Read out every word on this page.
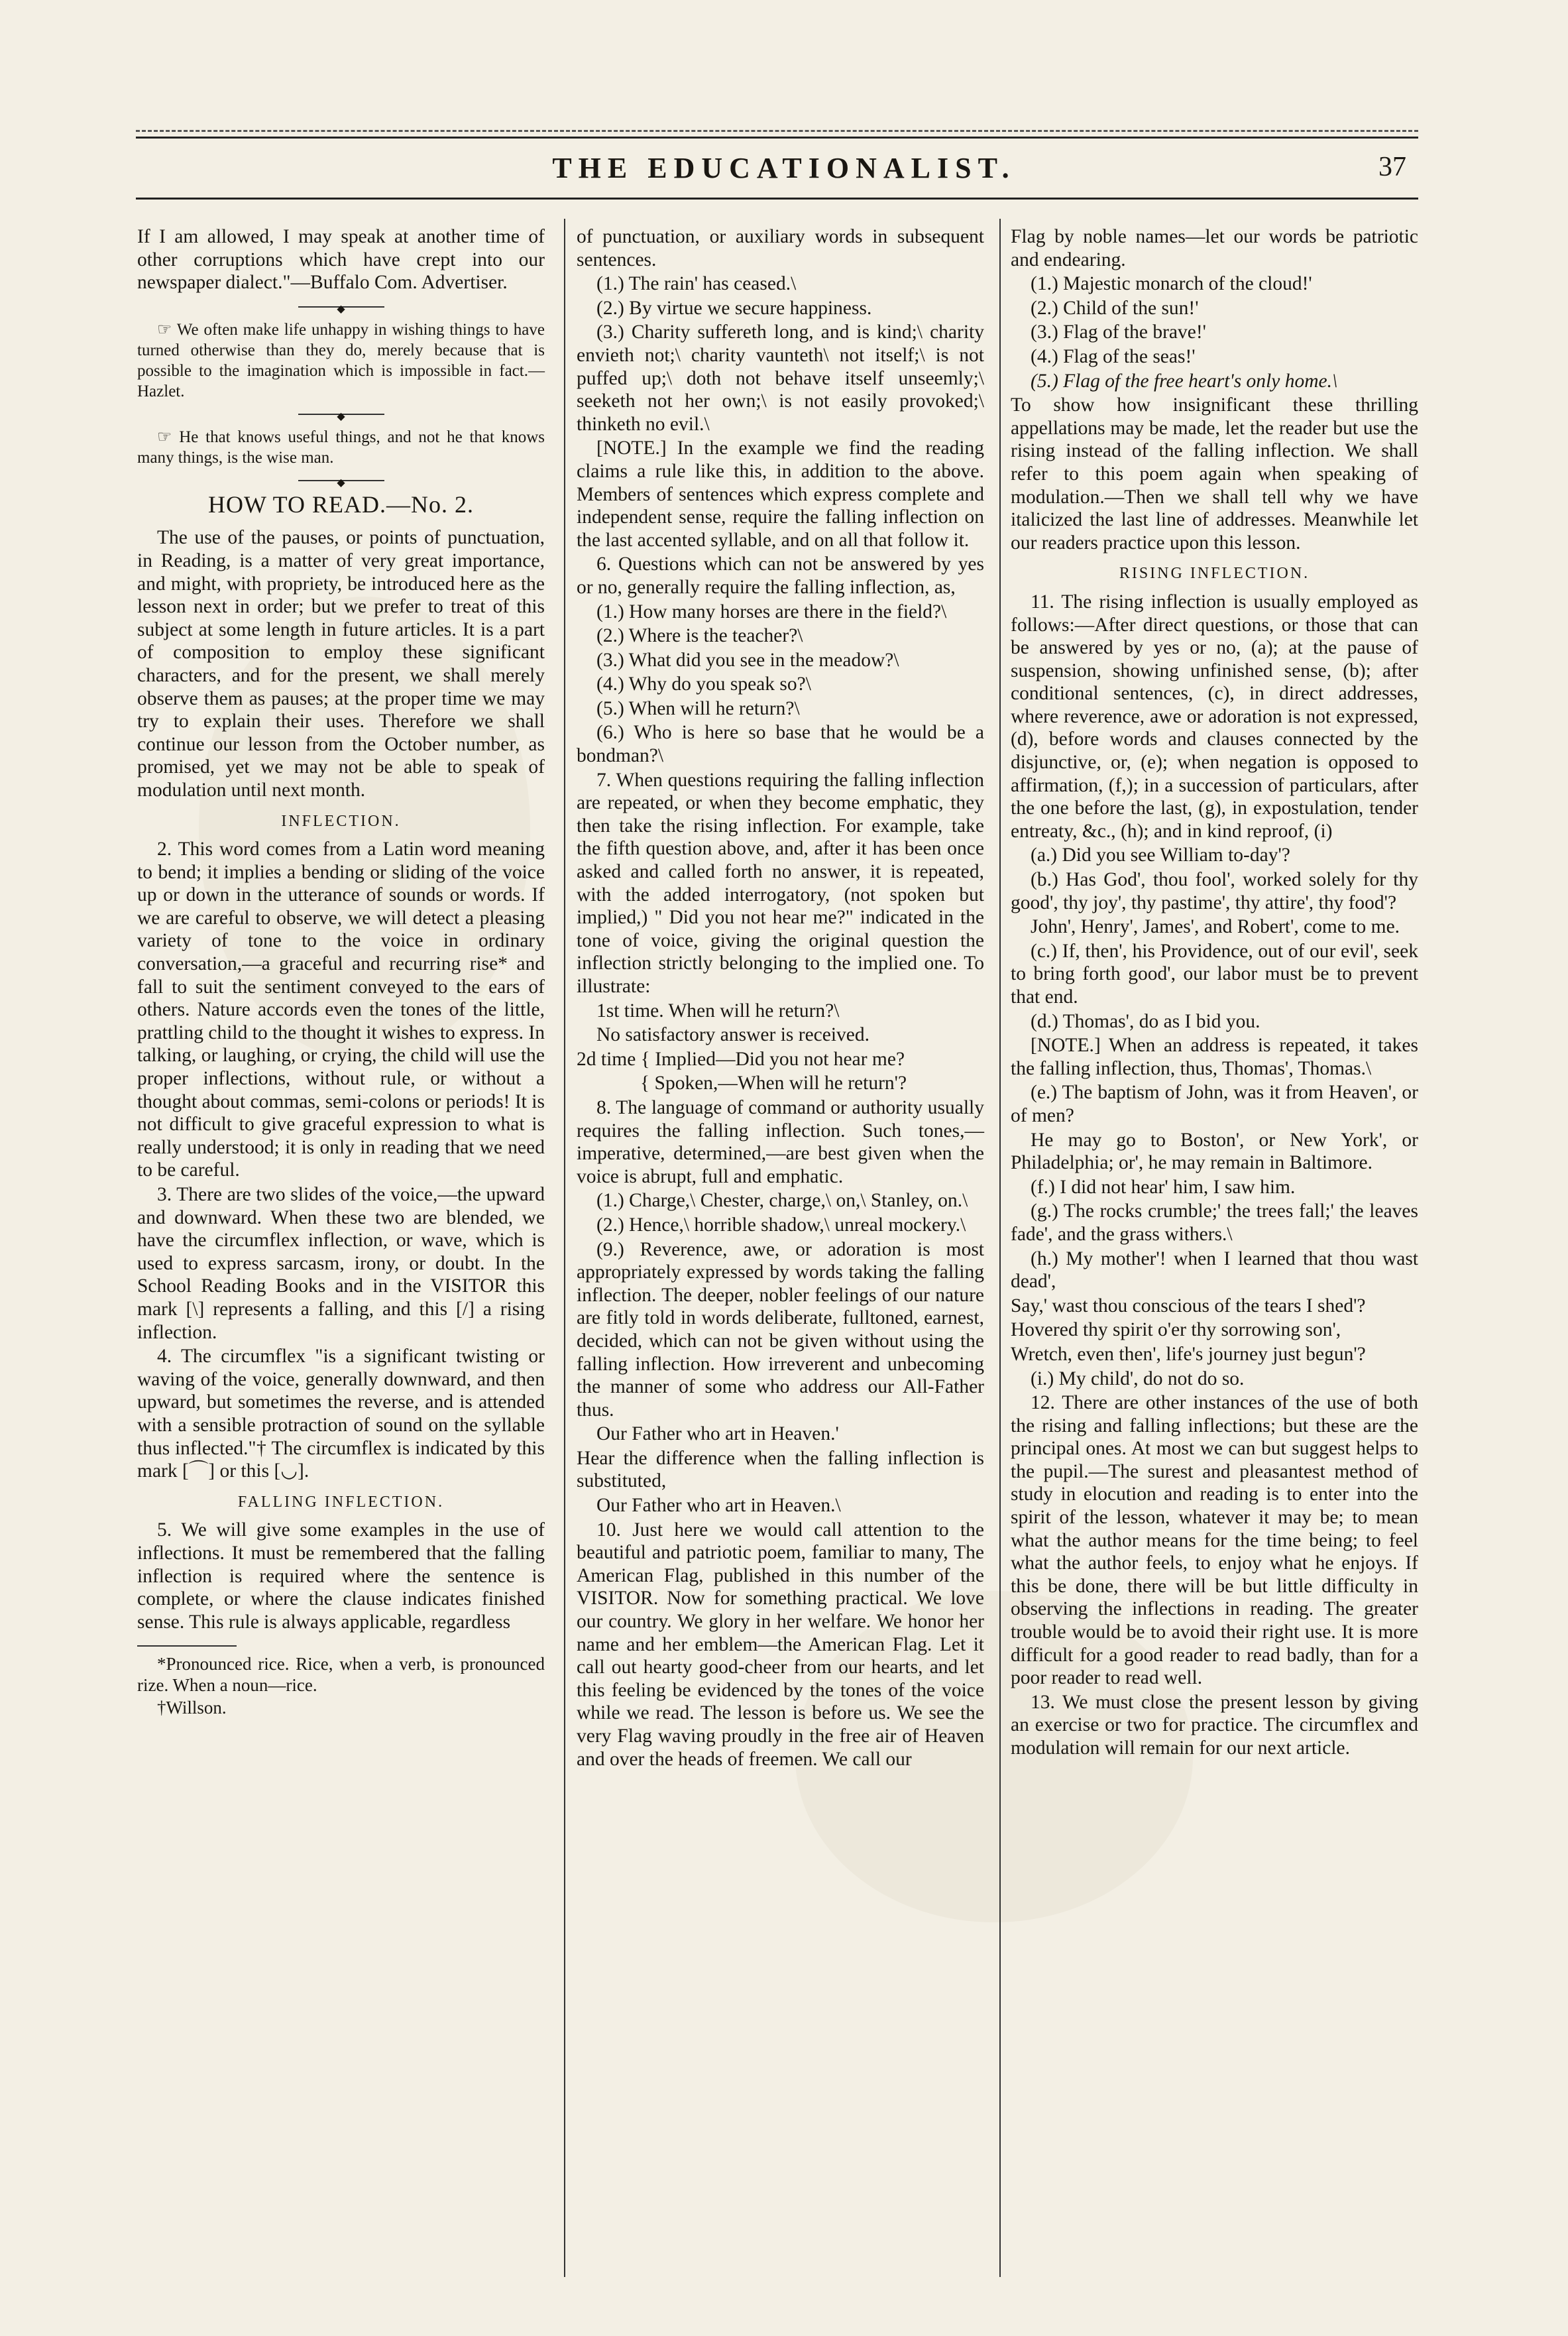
THE EDUCATIONALIST.	37

If I am allowed, I may speak at another time of other corruptions which have crept into our newspaper dialect."—Buffalo Com. Advertiser.

◆

☞ We often make life unhappy in wishing things to have turned otherwise than they do, merely because that is possible to the imagination which is impossible in fact.—Hazlet.

◆

☞ He that knows useful things, and not he that knows many things, is the wise man.

◆
HOW TO READ.—No. 2.

The use of the pauses, or points of punctuation, in Reading, is a matter of very great importance, and might, with propriety, be introduced here as the lesson next in order; but we prefer to treat of this subject at some length in future articles. It is a part of composition to employ these significant characters, and for the present, we shall merely observe them as pauses; at the proper time we may try to explain their uses. Therefore we shall continue our lesson from the October number, as promised, yet we may not be able to speak of modulation until next month.

INFLECTION.

2. This word comes from a Latin word meaning to bend; it implies a bending or sliding of the voice up or down in the utterance of sounds or words. If we are careful to observe, we will detect a pleasing variety of tone to the voice in ordinary conversation,—a graceful and recurring rise* and fall to suit the sentiment conveyed to the ears of others. Nature accords even the tones of the little, prattling child to the thought it wishes to express. In talking, or laughing, or crying, the child will use the proper inflections, without rule, or without a thought about commas, semi-colons or periods! It is not difficult to give graceful expression to what is really understood; it is only in reading that we need to be careful.

3. There are two slides of the voice,—the upward and downward. When these two are blended, we have the circumflex inflection, or wave, which is used to express sarcasm, irony, or doubt. In the School Reading Books and in the VISITOR this mark [\] represents a falling, and this [/] a rising inflection.

4. The circumflex "is a significant twisting or waving of the voice, generally downward, and then upward, but sometimes the reverse, and is attended with a sensible protraction of sound on the syllable thus inflected."† The circumflex is indicated by this mark [⌒] or this [◡].

FALLING INFLECTION.

5. We will give some examples in the use of inflections. It must be remembered that the falling inflection is required where the sentence is complete, or where the clause indicates finished sense. This rule is always applicable, regardless

*Pronounced rice. Rice, when a verb, is pronounced rize. When a noun—rice.

†Willson.

of punctuation, or auxiliary words in subsequent sentences.

(1.) The rain' has ceased.\

(2.) By virtue we secure happiness.

(3.) Charity suffereth long, and is kind;\ charity envieth not;\ charity vaunteth\ not itself;\ is not puffed up;\ doth not behave itself unseemly;\ seeketh not her own;\ is not easily provoked;\ thinketh no evil.\

[NOTE.] In the example we find the reading claims a rule like this, in addition to the above. Members of sentences which express complete and independent sense, require the falling inflection on the last accented syllable, and on all that follow it.

6. Questions which can not be answered by yes or no, generally require the falling inflection, as,

(1.) How many horses are there in the field?\

(2.) Where is the teacher?\

(3.) What did you see in the meadow?\

(4.) Why do you speak so?\

(5.) When will he return?\

(6.) Who is here so base that he would be a bondman?\

7. When questions requiring the falling inflection are repeated, or when they become emphatic, they then take the rising inflection. For example, take the fifth question above, and, after it has been once asked and called forth no answer, it is repeated, with the added interrogatory, (not spoken but implied,) " Did you not hear me?" indicated in the tone of voice, giving the original question the inflection strictly belonging to the implied one. To illustrate:

1st time. When will he return?\

No satisfactory answer is received.

2d time { Implied—Did you not hear me?

{ Spoken,—When will he return'?

8. The language of command or authority usually requires the falling inflection. Such tones,—imperative, determined,—are best given when the voice is abrupt, full and emphatic.

(1.) Charge,\ Chester, charge,\ on,\ Stanley, on.\

(2.) Hence,\ horrible shadow,\ unreal mockery.\

(9.) Reverence, awe, or adoration is most appropriately expressed by words taking the falling inflection. The deeper, nobler feelings of our nature are fitly told in words deliberate, fulltoned, earnest, decided, which can not be given without using the falling inflection. How irreverent and unbecoming the manner of some who address our All-Father thus.

Our Father who art in Heaven.'

Hear the difference when the falling inflection is substituted,

Our Father who art in Heaven.\

10. Just here we would call attention to the beautiful and patriotic poem, familiar to many, The American Flag, published in this number of the VISITOR. Now for something practical. We love our country. We glory in her welfare. We honor her name and her emblem—the American Flag. Let it call out hearty good-cheer from our hearts, and let this feeling be evidenced by the tones of the voice while we read. The lesson is before us. We see the very Flag waving proudly in the free air of Heaven and over the heads of freemen. We call our

Flag by noble names—let our words be patriotic and endearing.

(1.) Majestic monarch of the cloud!'

(2.) Child of the sun!'

(3.) Flag of the brave!'

(4.) Flag of the seas!'

(5.) Flag of the free heart's only home.\

To show how insignificant these thrilling appellations may be made, let the reader but use the rising instead of the falling inflection. We shall refer to this poem again when speaking of modulation.—Then we shall tell why we have italicized the last line of addresses. Meanwhile let our readers practice upon this lesson.

RISING INFLECTION.

11. The rising inflection is usually employed as follows:—After direct questions, or those that can be answered by yes or no, (a); at the pause of suspension, showing unfinished sense, (b); after conditional sentences, (c), in direct addresses, where reverence, awe or adoration is not expressed, (d), before words and clauses connected by the disjunctive, or, (e); when negation is opposed to affirmation, (f,); in a succession of particulars, after the one before the last, (g), in expostulation, tender entreaty, &c., (h); and in kind reproof, (i)

(a.) Did you see William to-day'?

(b.) Has God', thou fool', worked solely for thy good', thy joy', thy pastime', thy attire', thy food'?

John', Henry', James', and Robert', come to me.

(c.) If, then', his Providence, out of our evil', seek to bring forth good', our labor must be to prevent that end.

(d.) Thomas', do as I bid you.

[NOTE.] When an address is repeated, it takes the falling inflection, thus, Thomas', Thomas.\

(e.) The baptism of John, was it from Heaven', or of men?

He may go to Boston', or New York', or Philadelphia; or', he may remain in Baltimore.

(f.) I did not hear' him, I saw him.

(g.) The rocks crumble;' the trees fall;' the leaves fade', and the grass withers.\

(h.) My mother'! when I learned that thou wast dead',

Say,' wast thou conscious of the tears I shed'?

Hovered thy spirit o'er thy sorrowing son',

Wretch, even then', life's journey just begun'?

(i.) My child', do not do so.

12. There are other instances of the use of both the rising and falling inflections; but these are the principal ones. At most we can but suggest helps to the pupil.—The surest and pleasantest method of study in elocution and reading is to enter into the spirit of the lesson, whatever it may be; to mean what the author means for the time being; to feel what the author feels, to enjoy what he enjoys. If this be done, there will be but little difficulty in observing the inflections in reading. The greater trouble would be to avoid their right use. It is more difficult for a good reader to read badly, than for a poor reader to read well.

13. We must close the present lesson by giving an exercise or two for practice. The circumflex and modulation will remain for our next article.
